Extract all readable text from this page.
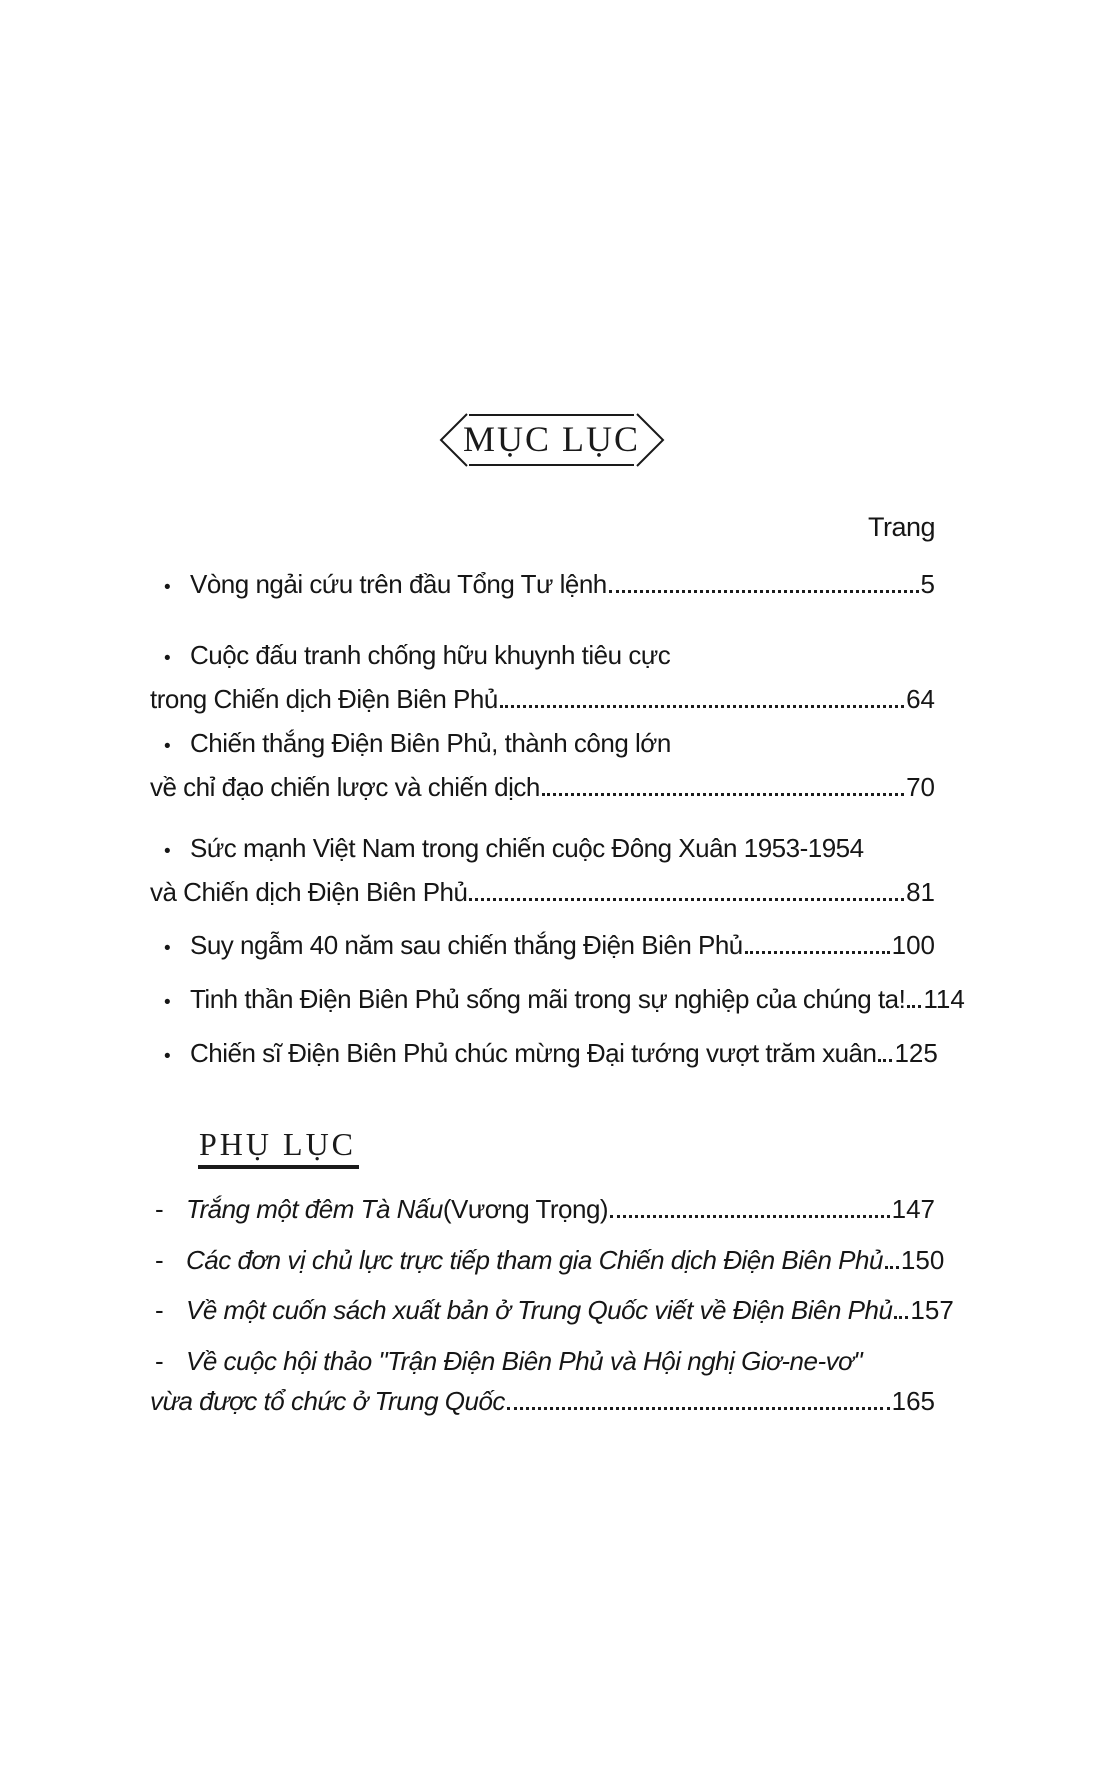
MỤC LỤC
Trang
• Vòng ngải cứu trên đầu Tổng Tư lệnh	5
• Cuộc đấu tranh chống hữu khuynh tiêu cực
trong Chiến dịch Điện Biên Phủ	64
• Chiến thắng Điện Biên Phủ, thành công lớn
về chỉ đạo chiến lược và chiến dịch	70
• Sức mạnh Việt Nam trong chiến cuộc Đông Xuân 1953-1954
và Chiến dịch Điện Biên Phủ	81
• Suy ngẫm 40 năm sau chiến thắng Điện Biên Phủ	100
• Tinh thần Điện Biên Phủ sống mãi trong sự nghiệp của chúng ta! 114
• Chiến sĩ Điện Biên Phủ chúc mừng Đại tướng vượt trăm xuân 125
PHỤ LỤC
- Trắng một đêm Tà Nấu (Vương Trọng)	147
- Các đơn vị chủ lực trực tiếp tham gia Chiến dịch Điện Biên Phủ 150
- Về một cuốn sách xuất bản ở Trung Quốc viết về Điện Biên Phủ 157
- Về cuộc hội thảo "Trận Điện Biên Phủ và Hội nghị Giơ-ne-vơ"
vừa được tổ chức ở Trung Quốc	165
